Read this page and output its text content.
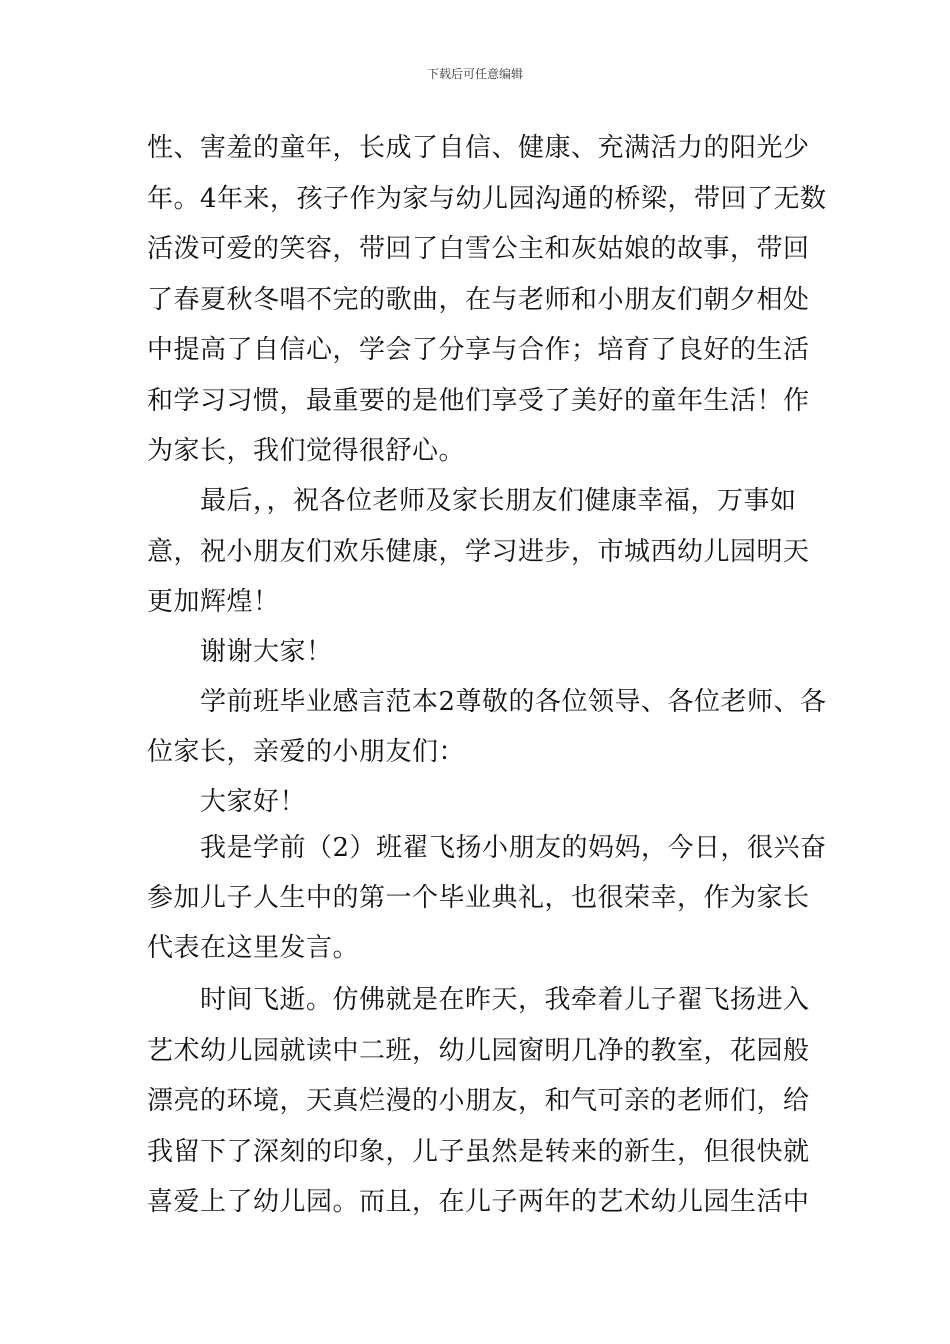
下载后可任意编辑
性、害羞的童年，长成了自信、健康、充满活力的阳光少
年。4年来，孩子作为家与幼儿园沟通的桥梁，带回了无数
活泼可爱的笑容，带回了白雪公主和灰姑娘的故事，带回
了春夏秋冬唱不完的歌曲，在与老师和小朋友们朝夕相处
中提高了自信心，学会了分享与合作；培育了良好的生活
和学习习惯，最重要的是他们享受了美好的童年生活！作
为家长，我们觉得很舒心。
　　最后，，祝各位老师及家长朋友们健康幸福，万事如
意，祝小朋友们欢乐健康，学习进步，市城西幼儿园明天
更加辉煌！
　　谢谢大家！
　　学前班毕业感言范本2尊敬的各位领导、各位老师、各
位家长，亲爱的小朋友们：
　　大家好！
　　我是学前（2）班翟飞扬小朋友的妈妈，今日，很兴奋
参加儿子人生中的第一个毕业典礼，也很荣幸，作为家长
代表在这里发言。
　　时间飞逝。仿佛就是在昨天，我牵着儿子翟飞扬进入
艺术幼儿园就读中二班，幼儿园窗明几净的教室，花园般
漂亮的环境，天真烂漫的小朋友，和气可亲的老师们，给
我留下了深刻的印象，儿子虽然是转来的新生，但很快就
喜爱上了幼儿园。而且，在儿子两年的艺术幼儿园生活中
